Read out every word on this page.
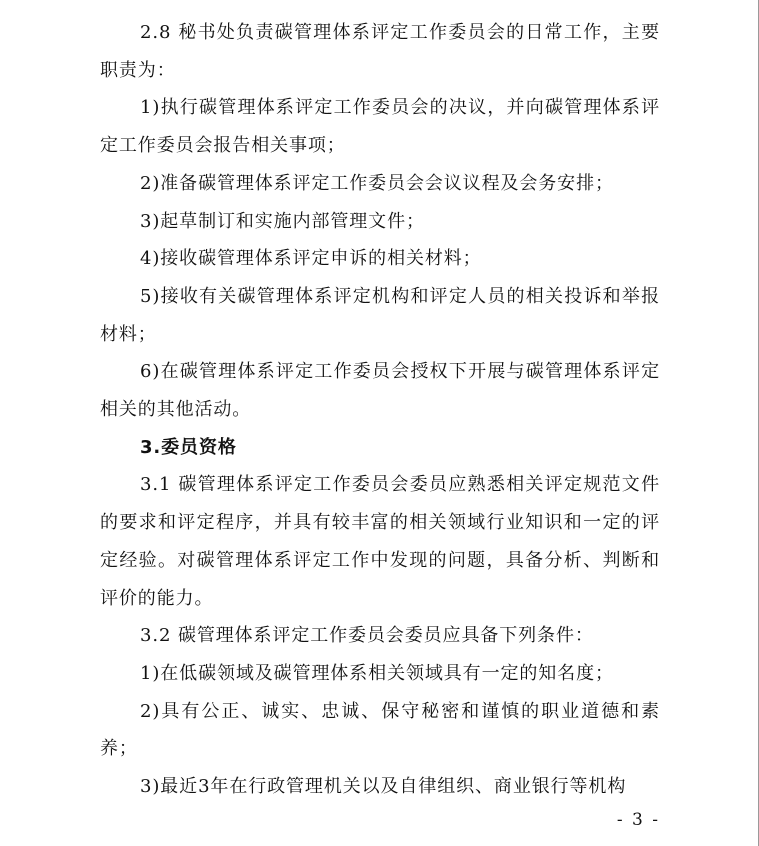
2.8 秘书处负责碳管理体系评定工作委员会的日常工作，主要职责为：

1)执行碳管理体系评定工作委员会的决议，并向碳管理体系评定工作委员会报告相关事项；

2)准备碳管理体系评定工作委员会会议议程及会务安排；

3)起草制订和实施内部管理文件；

4)接收碳管理体系评定申诉的相关材料；

5)接收有关碳管理体系评定机构和评定人员的相关投诉和举报材料；

6)在碳管理体系评定工作委员会授权下开展与碳管理体系评定相关的其他活动。

3.委员资格

3.1 碳管理体系评定工作委员会委员应熟悉相关评定规范文件的要求和评定程序，并具有较丰富的相关领域行业知识和一定的评定经验。对碳管理体系评定工作中发现的问题，具备分析、判断和评价的能力。

3.2 碳管理体系评定工作委员会委员应具备下列条件：

1)在低碳领域及碳管理体系相关领域具有一定的知名度；

2)具有公正、诚实、忠诚、保守秘密和谨慎的职业道德和素养；

3)最近3年在行政管理机关以及自律组织、商业银行等机构

- 3 -
